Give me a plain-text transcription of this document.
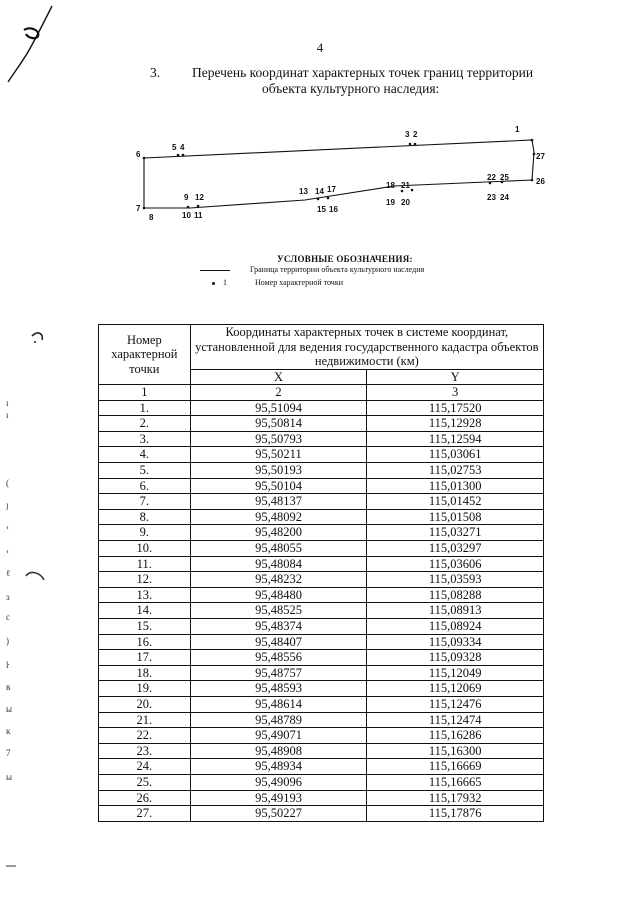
ı
ı
(
ȷ
‹
‹
ℓ
ɜ
c
)
ŀ
в
ы
к
7
ы
4
3. Перечень координат характерных точек границ территории
объекта культурного наследия:
1
27
26
25
22
24
23
21
18
20
19
17
14
13
16
15
12
9
11
10
8
7
6
5 4
3 2
УСЛОВНЫЕ ОБОЗНАЧЕНИЯ:
Граница территории объекта культурного наследия
1	Номер характерной точки
Номер характерной точки	Координаты характерных точек в системе координат, установленной для ведения государственного кадастра объектов недвижимости (км)	
	X	Y
1	2	3
1.	95,51094	115,17520
2.	95,50814	115,12928
3.	95,50793	115,12594
4.	95,50211	115,03061
5.	95,50193	115,02753
6.	95,50104	115,01300
7.	95,48137	115,01452
8.	95,48092	115,01508
9.	95,48200	115,03271
10.	95,48055	115,03297
11.	95,48084	115,03606
12.	95,48232	115,03593
13.	95,48480	115,08288
14.	95,48525	115,08913
15.	95,48374	115,08924
16.	95,48407	115,09334
17.	95,48556	115,09328
18.	95,48757	115,12049
19.	95,48593	115,12069
20.	95,48614	115,12476
21.	95,48789	115,12474
22.	95,49071	115,16286
23.	95,48908	115,16300
24.	95,48934	115,16669
25.	95,49096	115,16665
26.	95,49193	115,17932
27.	95,50227	115,17876
